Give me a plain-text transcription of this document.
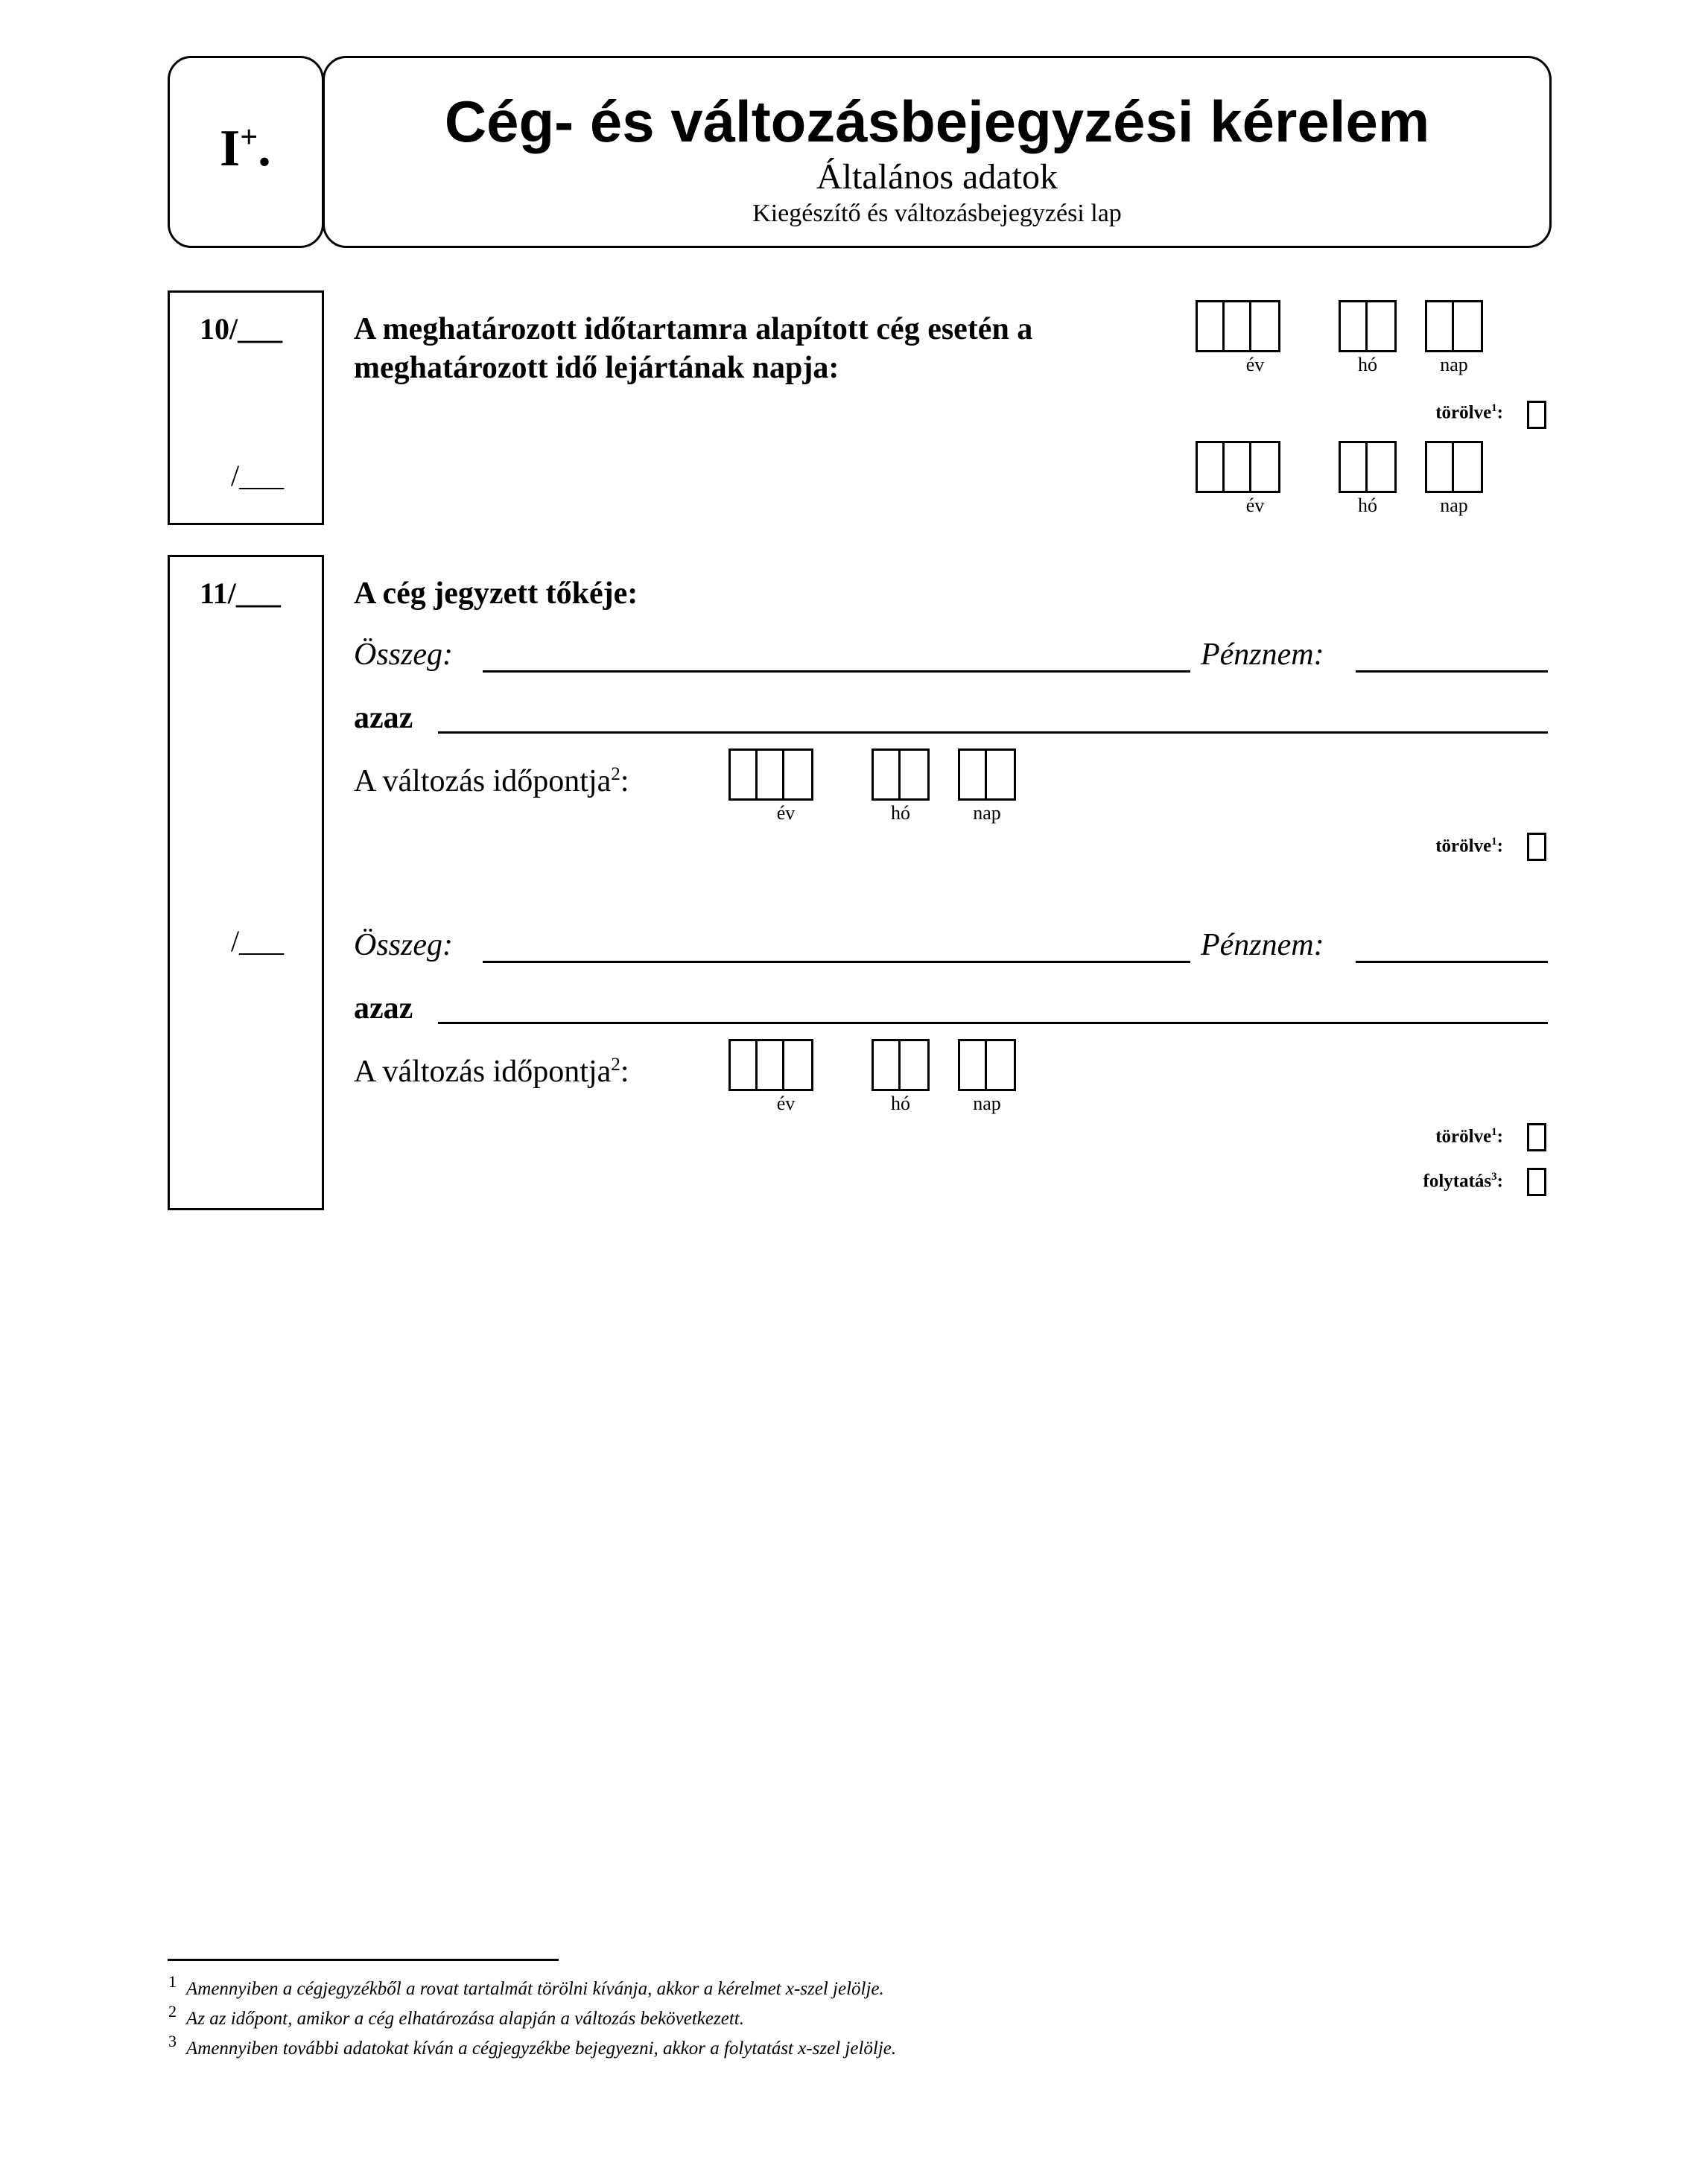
I+.	Cég- és változásbejegyzési kérelem
Általános adatok
Kiegészítő és változásbejegyzési lap
10/___
/___
A meghatározott időtartamra alapított cég esetén a
meghatározott idő lejártának napja:	év	hó	nap
törölve$^1$:
év	hó	nap
11/___
/___
A cég jegyzett tőkéje:
Összeg:	Pénznem:
azaz
A változás időpontja$^2$:
év	hó	nap
törölve$^1$:
Összeg:	Pénznem:
azaz
A változás időpontja$^2$:
év	hó	nap
törölve$^1$:
folytatás$^3$:
1 Amennyiben a cégjegyzékből a rovat tartalmát törölni kívánja, akkor a kérelmet x-szel jelölje.
2 Az az időpont, amikor a cég elhatározása alapján a változás bekövetkezett.
3 Amennyiben további adatokat kíván a cégjegyzékbe bejegyezni, akkor a folytatást x-szel jelölje.
